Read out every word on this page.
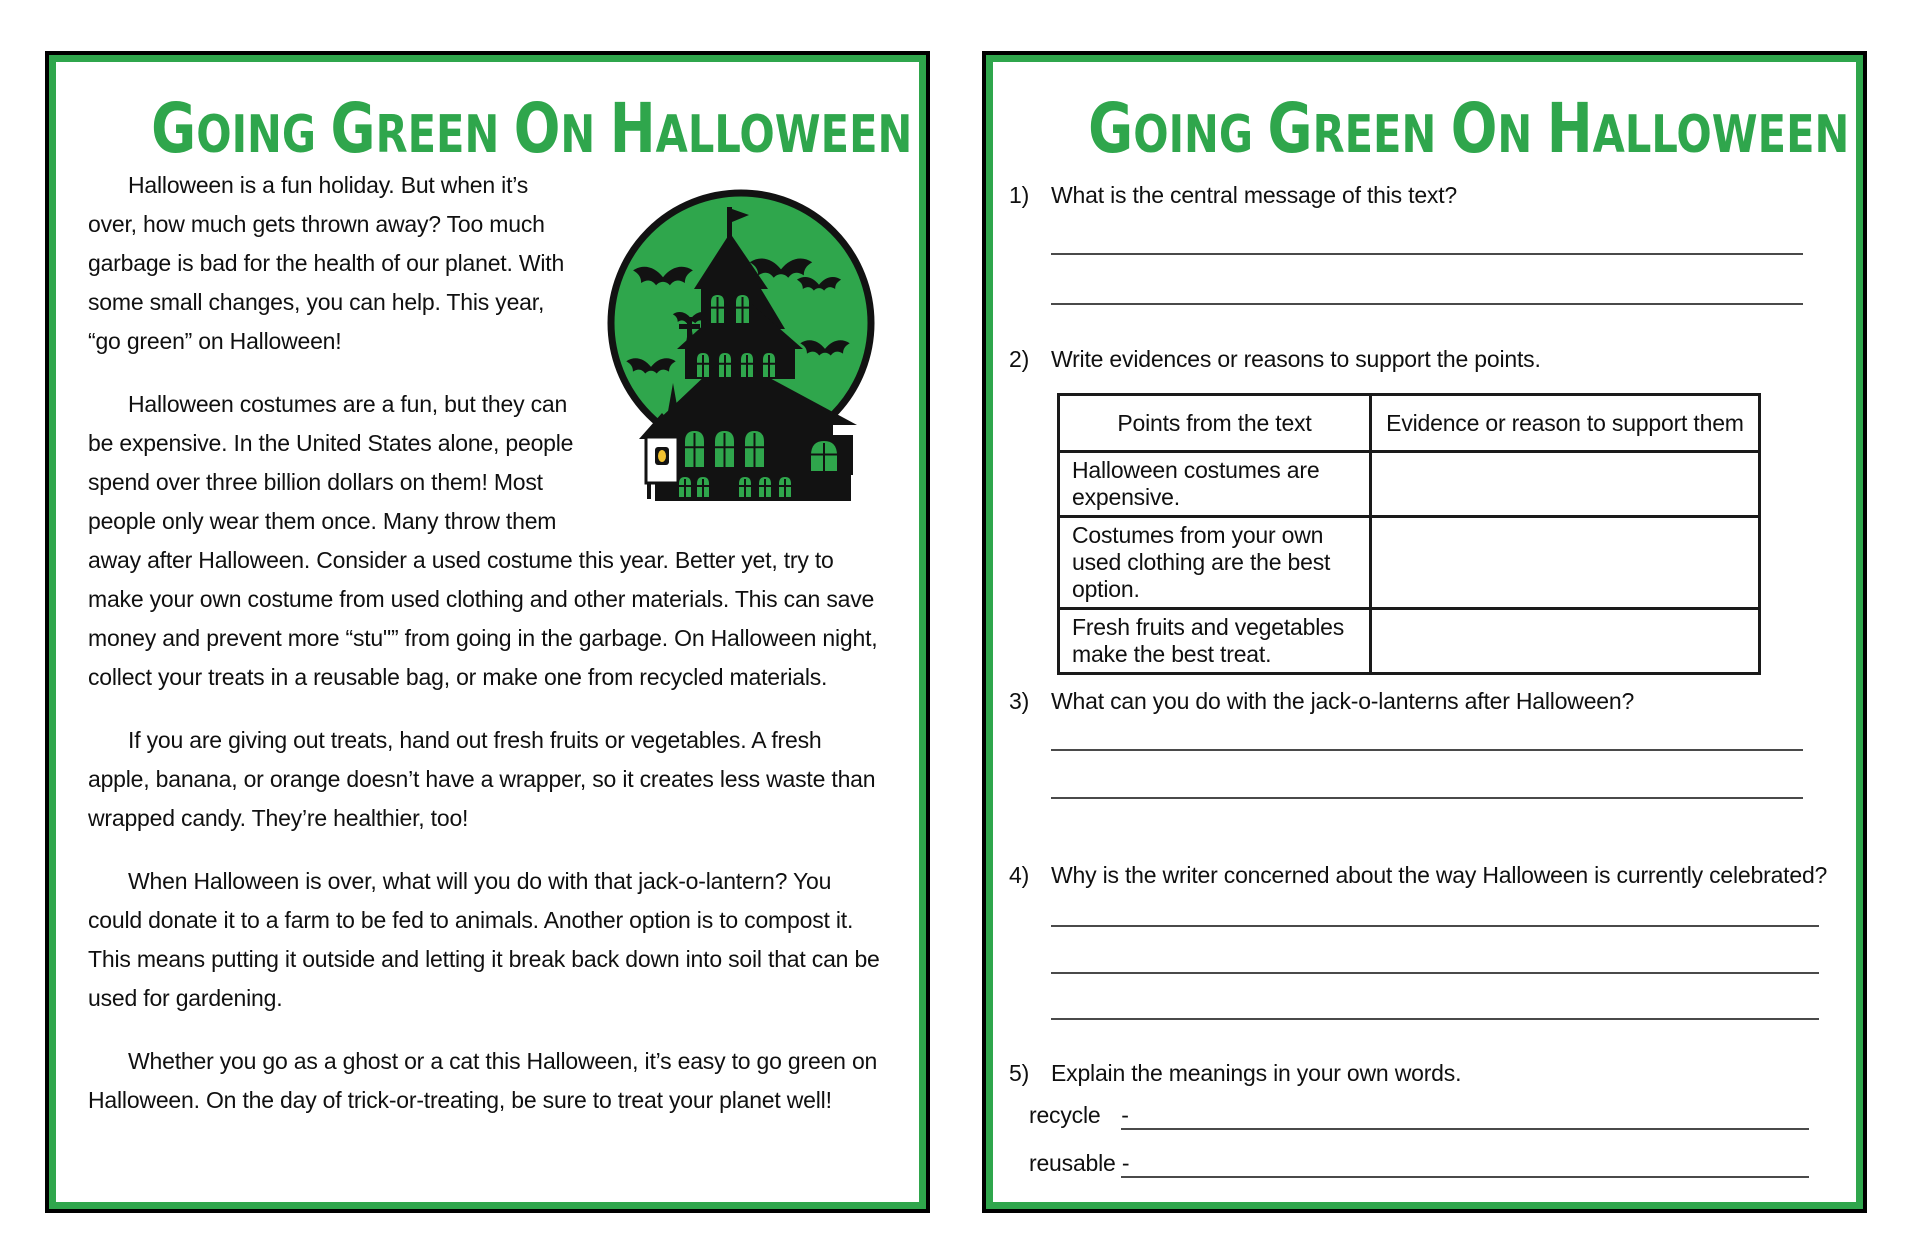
GOING GREEN ON HALLOWEEN

Halloween is a fun holiday. But when it’s over, how much gets thrown away? Too much garbage is bad for the health of our planet. With some small changes, you can help. This year, “go green” on Halloween!

Halloween costumes are a fun, but they can be expensive. In the United States alone, people spend over three billion dollars on them! Most people only wear them once. Many throw them away after Halloween. Consider a used costume this year. Better yet, try to make your own costume from used clothing and other materials. This can save money and prevent more “stu"” from going in the garbage. On Halloween night, collect your treats in a reusable bag, or make one from recycled materials.

If you are giving out treats, hand out fresh fruits or vegetables. A fresh apple, banana, or orange doesn’t have a wrapper, so it creates less waste than wrapped candy. They’re healthier, too!

When Halloween is over, what will you do with that jack-o-lantern? You could donate it to a farm to be fed to animals. Another option is to compost it. This means putting it outside and letting it break back down into soil that can be used for gardening.

Whether you go as a ghost or a cat this Halloween, it’s easy to go green on Halloween. On the day of trick-or-treating, be sure to treat your planet well!

GOING GREEN ON HALLOWEEN
1) What is the central message of this text?
2) Write evidences or reasons to support the points.
Points from the text	Evidence or reason to support them
Halloween costumes are expensive.	
Costumes from your own used clothing are the best option.	
Fresh fruits and vegetables make the best treat.	
3) What can you do with the jack-o-lanterns after Halloween?
4) Why is the writer concerned about the way Halloween is currently celebrated?
5) Explain the meanings in your own words.
recycle -
reusable -
